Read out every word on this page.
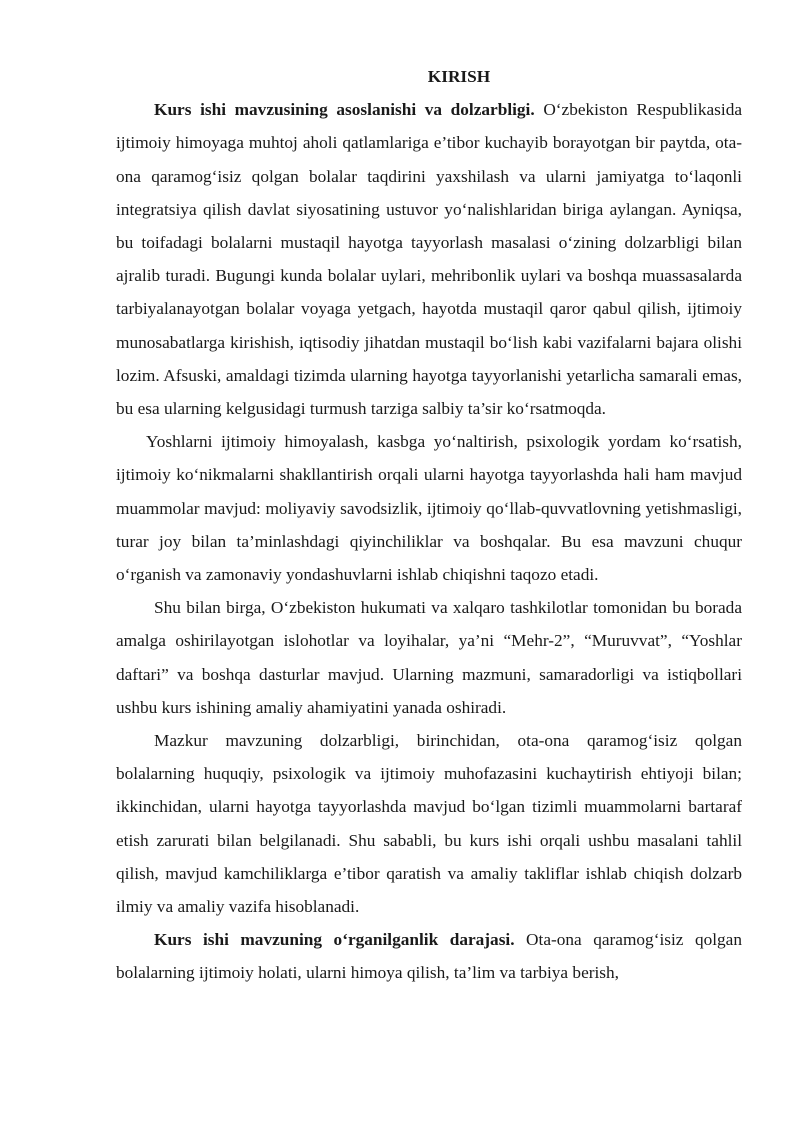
KIRISH

Kurs ishi mavzusining asoslanishi va dolzarbligi. O‘zbekiston Respublikasida ijtimoiy himoyaga muhtoj aholi qatlamlariga e’tibor kuchayib borayotgan bir paytda, ota-ona qaramog‘isiz qolgan bolalar taqdirini yaxshilash va ularni jamiyatga to‘laqonli integratsiya qilish davlat siyosatining ustuvor yo‘nalishlaridan biriga aylangan. Ayniqsa, bu toifadagi bolalarni mustaqil hayotga tayyorlash masalasi o‘zining dolzarbligi bilan ajralib turadi. Bugungi kunda bolalar uylari, mehribonlik uylari va boshqa muassasalarda tarbiyalanayotgan bolalar voyaga yetgach, hayotda mustaqil qaror qabul qilish, ijtimoiy munosabatlarga kirishish, iqtisodiy jihatdan mustaqil bo‘lish kabi vazifalarni bajara olishi lozim. Afsuski, amaldagi tizimda ularning hayotga tayyorlanishi yetarlicha samarali emas, bu esa ularning kelgusidagi turmush tarziga salbiy ta’sir ko‘rsatmoqda.

Yoshlarni ijtimoiy himoyalash, kasbga yo‘naltirish, psixologik yordam ko‘rsatish, ijtimoiy ko‘nikmalarni shakllantirish orqali ularni hayotga tayyorlashda hali ham mavjud muammolar mavjud: moliyaviy savodsizlik, ijtimoiy qo‘llab-quvvatlovning yetishmasligi, turar joy bilan ta’minlashdagi qiyinchiliklar va boshqalar. Bu esa mavzuni chuqur o‘rganish va zamonaviy yondashuvlarni ishlab chiqishni taqozo etadi.

Shu bilan birga, O‘zbekiston hukumati va xalqaro tashkilotlar tomonidan bu borada amalga oshirilayotgan islohotlar va loyihalar, ya’ni “Mehr-2”, “Muruvvat”, “Yoshlar daftari” va boshqa dasturlar mavjud. Ularning mazmuni, samaradorligi va istiqbollari ushbu kurs ishining amaliy ahamiyatini yanada oshiradi.

Mazkur mavzuning dolzarbligi, birinchidan, ota-ona qaramog‘isiz qolgan bolalarning huquqiy, psixologik va ijtimoiy muhofazasini kuchaytirish ehtiyoji bilan; ikkinchidan, ularni hayotga tayyorlashda mavjud bo‘lgan tizimli muammolarni bartaraf etish zarurati bilan belgilanadi. Shu sababli, bu kurs ishi orqali ushbu masalani tahlil qilish, mavjud kamchiliklarga e’tibor qaratish va amaliy takliflar ishlab chiqish dolzarb ilmiy va amaliy vazifa hisoblanadi.

Kurs ishi mavzuning o‘rganilganlik darajasi. Ota-ona qaramog‘isiz qolgan bolalarning ijtimoiy holati, ularni himoya qilish, ta’lim va tarbiya berish,
